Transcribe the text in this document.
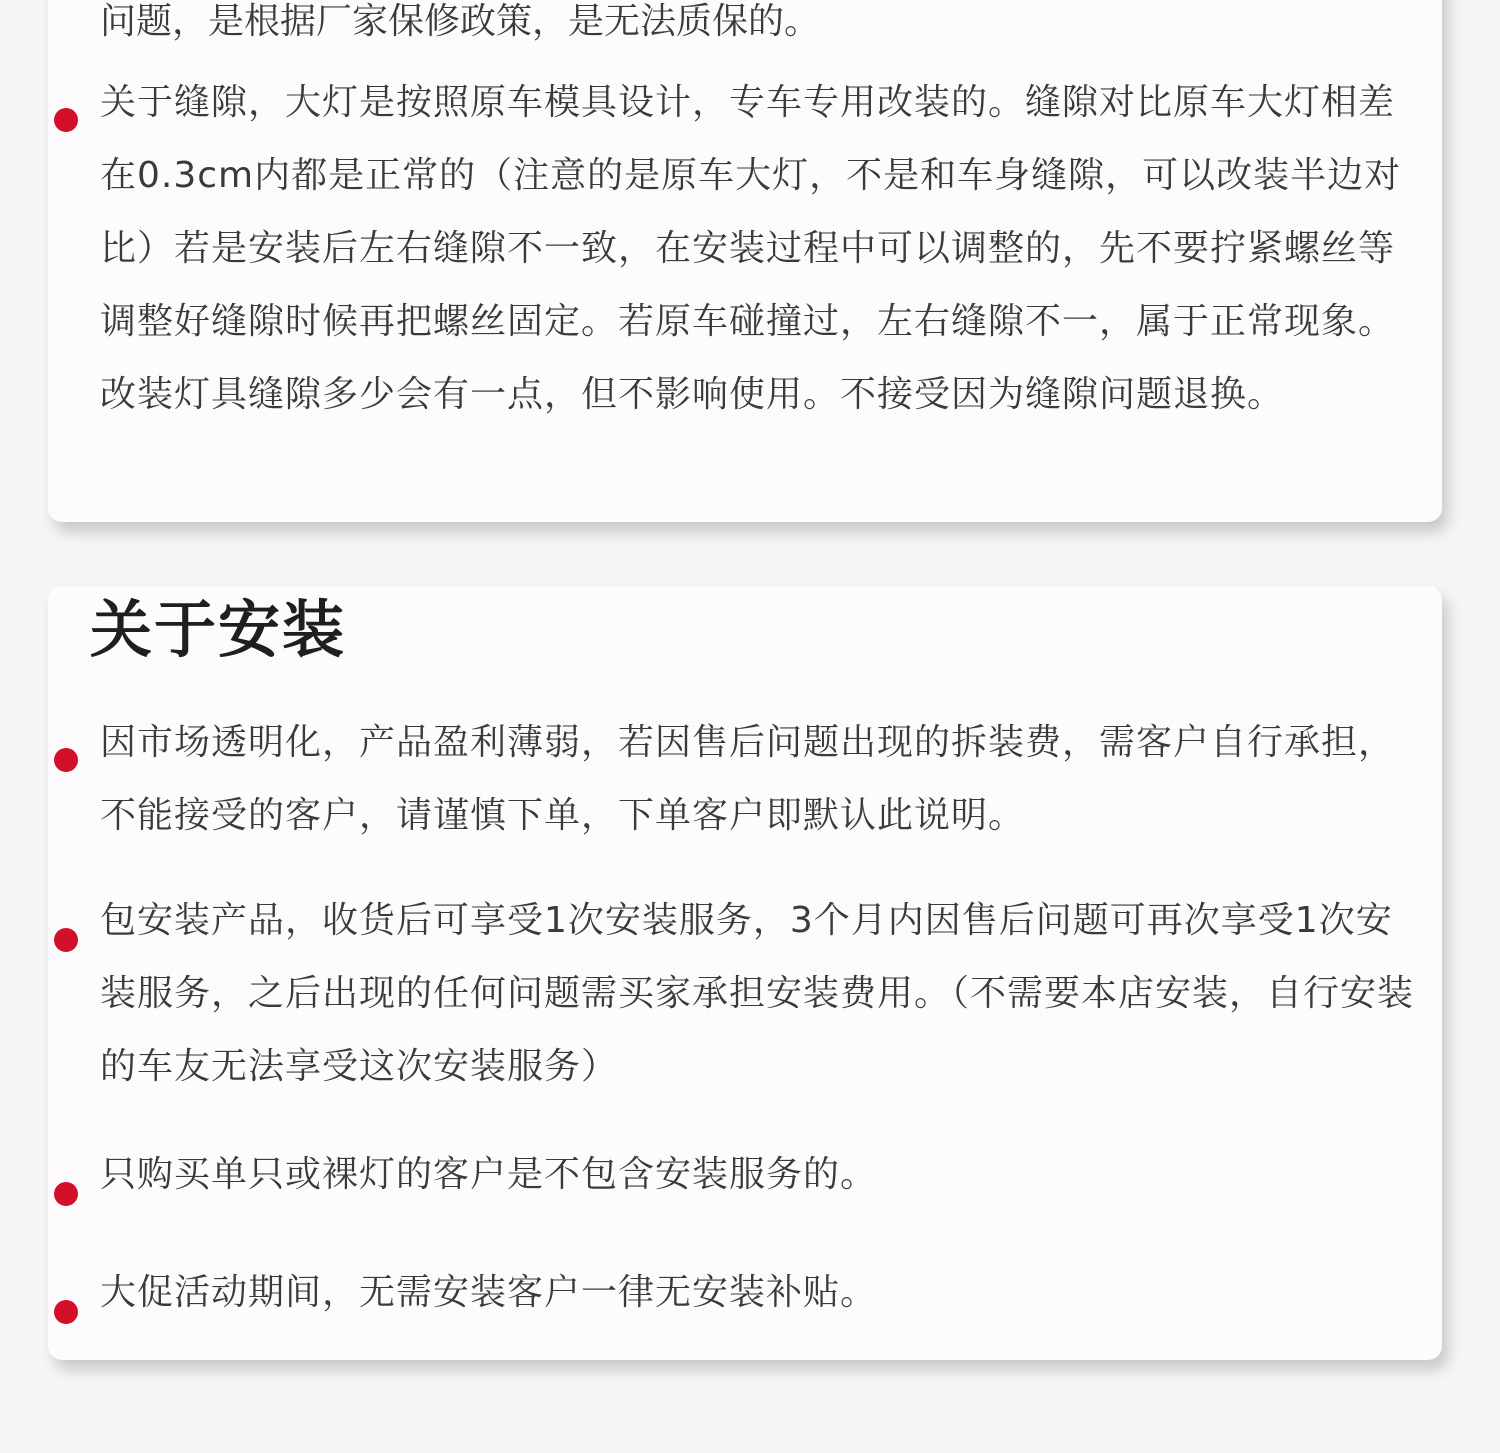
问题，是根据厂家保修政策，是无法质保的。
关于缝隙，大灯是按照原车模具设计，专车专用改装的。缝隙对比原车大灯相差在0.3cm内都是正常的（注意的是原车大灯，不是和车身缝隙，可以改装半边对比）若是安装后左右缝隙不一致，在安装过程中可以调整的，先不要拧紧螺丝等调整好缝隙时候再把螺丝固定。若原车碰撞过，左右缝隙不一，属于正常现象。改装灯具缝隙多少会有一点，但不影响使用。不接受因为缝隙问题退换。
关于安装
因市场透明化，产品盈利薄弱，若因售后问题出现的拆装费，需客户自行承担，不能接受的客户，请谨慎下单，下单客户即默认此说明。
包安装产品，收货后可享受1次安装服务，3个月内因售后问题可再次享受1次安装服务，之后出现的任何问题需买家承担安装费用。（不需要本店安装，自行安装的车友无法享受这次安装服务）
只购买单只或裸灯的客户是不包含安装服务的。
大促活动期间，无需安装客户一律无安装补贴。
